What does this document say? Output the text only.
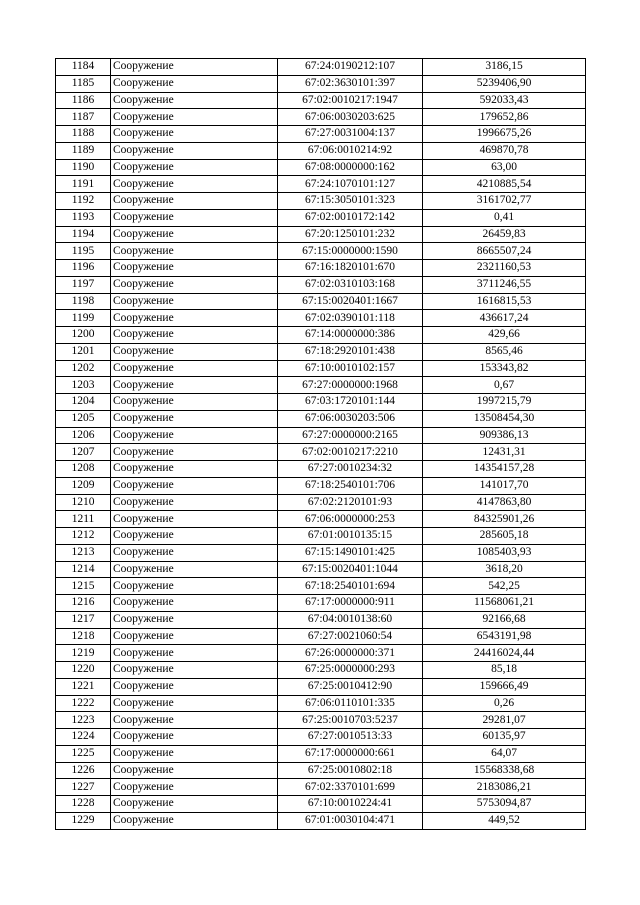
1184	Сооружение	67:24:0190212:107	3186,15
1185	Сооружение	67:02:3630101:397	5239406,90
1186	Сооружение	67:02:0010217:1947	592033,43
1187	Сооружение	67:06:0030203:625	179652,86
1188	Сооружение	67:27:0031004:137	1996675,26
1189	Сооружение	67:06:0010214:92	469870,78
1190	Сооружение	67:08:0000000:162	63,00
1191	Сооружение	67:24:1070101:127	4210885,54
1192	Сооружение	67:15:3050101:323	3161702,77
1193	Сооружение	67:02:0010172:142	0,41
1194	Сооружение	67:20:1250101:232	26459,83
1195	Сооружение	67:15:0000000:1590	8665507,24
1196	Сооружение	67:16:1820101:670	2321160,53
1197	Сооружение	67:02:0310103:168	3711246,55
1198	Сооружение	67:15:0020401:1667	1616815,53
1199	Сооружение	67:02:0390101:118	436617,24
1200	Сооружение	67:14:0000000:386	429,66
1201	Сооружение	67:18:2920101:438	8565,46
1202	Сооружение	67:10:0010102:157	153343,82
1203	Сооружение	67:27:0000000:1968	0,67
1204	Сооружение	67:03:1720101:144	1997215,79
1205	Сооружение	67:06:0030203:506	13508454,30
1206	Сооружение	67:27:0000000:2165	909386,13
1207	Сооружение	67:02:0010217:2210	12431,31
1208	Сооружение	67:27:0010234:32	14354157,28
1209	Сооружение	67:18:2540101:706	141017,70
1210	Сооружение	67:02:2120101:93	4147863,80
1211	Сооружение	67:06:0000000:253	84325901,26
1212	Сооружение	67:01:0010135:15	285605,18
1213	Сооружение	67:15:1490101:425	1085403,93
1214	Сооружение	67:15:0020401:1044	3618,20
1215	Сооружение	67:18:2540101:694	542,25
1216	Сооружение	67:17:0000000:911	11568061,21
1217	Сооружение	67:04:0010138:60	92166,68
1218	Сооружение	67:27:0021060:54	6543191,98
1219	Сооружение	67:26:0000000:371	24416024,44
1220	Сооружение	67:25:0000000:293	85,18
1221	Сооружение	67:25:0010412:90	159666,49
1222	Сооружение	67:06:0110101:335	0,26
1223	Сооружение	67:25:0010703:5237	29281,07
1224	Сооружение	67:27:0010513:33	60135,97
1225	Сооружение	67:17:0000000:661	64,07
1226	Сооружение	67:25:0010802:18	15568338,68
1227	Сооружение	67:02:3370101:699	2183086,21
1228	Сооружение	67:10:0010224:41	5753094,87
1229	Сооружение	67:01:0030104:471	449,52
